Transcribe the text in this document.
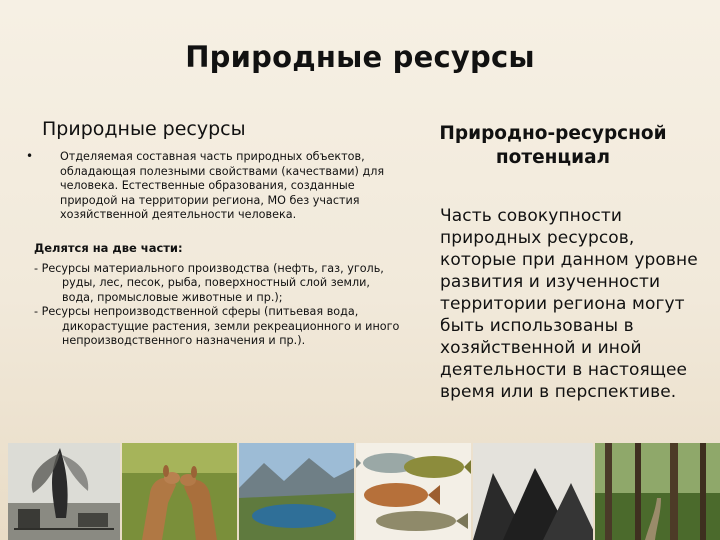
Природные ресурсы
Природные ресурсы
• Отделяемая составная часть природных объектов, обладающая полезными свойствами (качествами) для человека. Естественные образования, созданные природой на территории региона, МО без участия хозяйственной деятельности человека.
Делятся на две части:
- Ресурсы материального производства (нефть, газ, уголь, руды, лес, песок, рыба, поверхностный слой земли, вода, промысловые животные и пр.);
- Ресурсы непроизводственной сферы (питьевая вода, дикорастущие растения, земли рекреационного и иного непроизводственного назначения и пр.).
Природно-ресурсной потенциал
Часть совокупности природных ресурсов, которые при данном уровне развития и изученности территории региона могут быть использованы в хозяйственной и иной деятельности в настоящее время или в перспективе.
